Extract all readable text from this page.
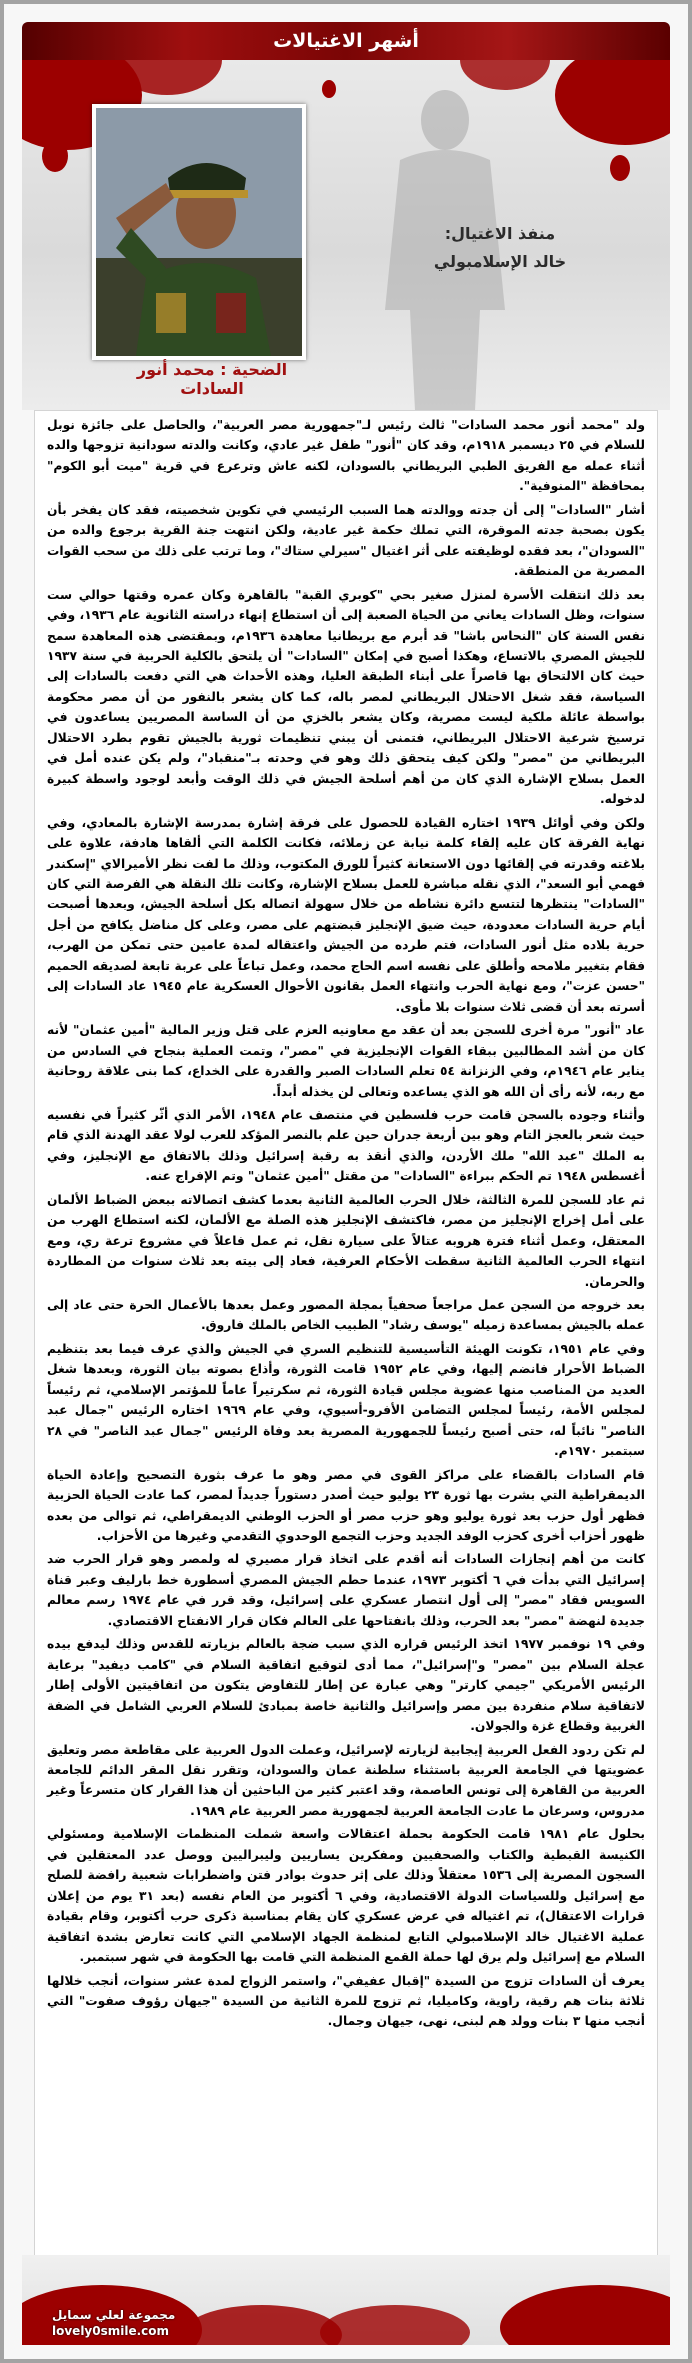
أشهر الاغتيالات
منفذ الاغتيال:
خالد الإسلامبولي
الضحية : محمد أنور السادات

ولد "محمد أنور محمد السادات" ثالث رئيس لـ"جمهورية مصر العربية"، والحاصل على جائزة نوبل للسلام في ٢٥ ديسمبر ١٩١٨م، وقد كان "أنور" طفل غير عادي، وكانت والدته سودانية تزوجها والده أثناء عمله مع الفريق الطبي البريطاني بالسودان، لكنه عاش وترعرع في قرية "ميت أبو الكوم" بمحافظة "المنوفية".

أشار "السادات" إلى أن جدته ووالدته هما السبب الرئيسي في تكوين شخصيته، فقد كان يفخر بأن يكون بصحبة جدته الموقرة، التي تملك حكمة غير عادية، ولكن انتهت جنة القرية برجوع والده من "السودان"، بعد فقده لوظيفته على أثر اغتيال "سيرلي ستاك"، وما ترتب على ذلك من سحب القوات المصرية من المنطقة.

بعد ذلك انتقلت الأسرة لمنزل صغير بحي "كوبري القبة" بالقاهرة وكان عمره وقتها حوالي ست سنوات، وظل السادات يعاني من الحياة الصعبة إلى أن استطاع إنهاء دراسته الثانوية عام ١٩٣٦، وفي نفس السنة كان "النحاس باشا" قد أبرم مع بريطانيا معاهدة ١٩٣٦م، وبمقتضى هذه المعاهدة سمح للجيش المصري بالاتساع، وهكذا أصبح في إمكان "السادات" أن يلتحق بالكلية الحربية في سنة ١٩٣٧ حيث كان الالتحاق بها قاصراً على أبناء الطبقة العليا، وهذه الأحداث هي التي دفعت بالسادات إلى السياسة، فقد شغل الاحتلال البريطاني لمصر باله، كما كان يشعر بالنفور من أن مصر محكومة بواسطة عائلة ملكية ليست مصرية، وكان يشعر بالخزي من أن الساسة المصريين يساعدون في ترسيخ شرعية الاحتلال البريطاني، فتمنى أن يبني تنظيمات ثورية بالجيش تقوم بطرد الاحتلال البريطاني من "مصر" ولكن كيف يتحقق ذلك وهو في وحدته بـ"منقباد"، ولم يكن عنده أمل في العمل بسلاح الإشارة الذي كان من أهم أسلحة الجيش في ذلك الوقت وأبعد لوجود واسطة كبيرة لدخوله.

ولكن وفي أوائل ١٩٣٩ اختاره القيادة للحصول على فرقة إشارة بمدرسة الإشارة بالمعادي، وفي نهاية الفرقة كان عليه إلقاء كلمة نيابة عن زملائه، فكانت الكلمة التي ألقاها هادفة، علاوة على بلاغته وقدرته في إلقائها دون الاستعانة كثيراً للورق المكتوب، وذلك ما لفت نظر الأميرالاي "إسكندر فهمي أبو السعد"، الذي نقله مباشرة للعمل بسلاح الإشارة، وكانت تلك النقلة هي الفرصة التي كان "السادات" ينتظرها لتتسع دائرة نشاطه من خلال سهولة اتصاله بكل أسلحة الجيش، وبعدها أصبحت أيام حرية السادات معدودة، حيث ضيق الإنجليز قبضتهم على مصر، وعلى كل مناضل يكافح من أجل حرية بلاده مثل أنور السادات، فتم طرده من الجيش واعتقاله لمدة عامين حتى تمكن من الهرب، فقام بتغيير ملامحه وأطلق على نفسه اسم الحاج محمد، وعمل تباعاً على عربة تابعة لصديقه الحميم "حسن عزت"، ومع نهاية الحرب وانتهاء العمل بقانون الأحوال العسكرية عام ١٩٤٥ عاد السادات إلى أسرته بعد أن قضى ثلاث سنوات بلا مأوى.

عاد "أنور" مرة أخرى للسجن بعد أن عقد مع معاونيه العزم على قتل وزير المالية "أمين عثمان" لأنه كان من أشد المطالبين ببقاء القوات الإنجليزية في "مصر"، وتمت العملية بنجاح في السادس من يناير عام ١٩٤٦م، وفي الزنزانة ٥٤ تعلم السادات الصبر والقدرة على الخداع، كما بنى علاقة روحانية مع ربه، لأنه رأى أن الله هو الذي يساعده وتعالى لن يخذله أبداً.

وأثناء وجوده بالسجن قامت حرب فلسطين في منتصف عام ١٩٤٨، الأمر الذي أثّر كثيراً في نفسيه حيث شعر بالعجز التام وهو بين أربعة جدران حين علم بالنصر المؤكد للعرب لولا عقد الهدنة الذي قام به الملك "عبد الله" ملك الأردن، والذي أنقذ به رقبة إسرائيل وذلك بالاتفاق مع الإنجليز، وفي أغسطس ١٩٤٨ تم الحكم ببراءة "السادات" من مقتل "أمين عثمان" وتم الإفراج عنه.

ثم عاد للسجن للمرة الثالثة، خلال الحرب العالمية الثانية بعدما كشف اتصالاته ببعض الضباط الألمان على أمل إخراج الإنجليز من مصر، فاكتشف الإنجليز هذه الصلة مع الألمان، لكنه استطاع الهرب من المعتقل، وعمل أثناء فترة هروبه عتالاً على سيارة نقل، ثم عمل فاعلاً في مشروع ترعة ري، ومع انتهاء الحرب العالمية الثانية سقطت الأحكام العرفية، فعاد إلى بيته بعد ثلاث سنوات من المطاردة والحرمان.

بعد خروجه من السجن عمل مراجعاً صحفياً بمجلة المصور وعمل بعدها بالأعمال الحرة حتى عاد إلى عمله بالجيش بمساعدة زميله "يوسف رشاد" الطبيب الخاص بالملك فاروق.

وفي عام ١٩٥١، تكونت الهيئة التأسيسية للتنظيم السري في الجيش والذي عرف فيما بعد بتنظيم الضباط الأحرار فانضم إليها، وفي عام ١٩٥٢ قامت الثورة، وأذاع بصوته بيان الثورة، وبعدها شغل العديد من المناصب منها عضوية مجلس قيادة الثورة، ثم سكرتيراً عاماً للمؤتمر الإسلامي، ثم رئيساً لمجلس الأمة، رئيساً لمجلس التضامن الأفرو-أسيوي، وفي عام ١٩٦٩ اختاره الرئيس "جمال عبد الناصر" نائباً له، حتى أصبح رئيساً للجمهورية المصرية بعد وفاة الرئيس "جمال عبد الناصر" في ٢٨ سبتمبر ١٩٧٠م.

قام السادات بالقضاء على مراكز القوى في مصر وهو ما عرف بثورة التصحيح وإعادة الحياة الديمقراطية التي بشرت بها ثورة ٢٣ يوليو حيث أصدر دستوراً جديداً لمصر، كما عادت الحياة الحزبية فظهر أول حزب بعد ثورة يوليو وهو حزب مصر أو الحزب الوطني الديمقراطي، ثم توالى من بعده ظهور أحزاب أخرى كحزب الوفد الجديد وحزب التجمع الوحدوي التقدمي وغيرها من الأحزاب.

كانت من أهم إنجازات السادات أنه أقدم على اتخاذ قرار مصيري له ولمصر وهو قرار الحرب ضد إسرائيل التي بدأت في ٦ أكتوبر ١٩٧٣، عندما حطم الجيش المصري أسطورة خط بارليف وعبر قناة السويس فقاد "مصر" إلى أول انتصار عسكري على إسرائيل، وقد قرر في عام ١٩٧٤ رسم معالم جديدة لنهضة "مصر" بعد الحرب، وذلك بانفتاحها على العالم فكان قرار الانفتاح الاقتصادي.

وفي ١٩ نوفمبر ١٩٧٧ اتخذ الرئيس قراره الذي سبب ضجة بالعالم بزيارته للقدس وذلك ليدفع بيده عجلة السلام بين "مصر" و"إسرائيل"، مما أدى لتوقيع اتفاقية السلام في "كامب ديفيد" برعاية الرئيس الأمريكي "جيمي كارتر" وهي عبارة عن إطار للتفاوض يتكون من اتفاقيتين الأولى إطار لاتفاقية سلام منفردة بين مصر وإسرائيل والثانية خاصة بمبادئ للسلام العربي الشامل في الضفة الغربية وقطاع غزة والجولان.

لم تكن ردود الفعل العربية إيجابية لزيارته لإسرائيل، وعملت الدول العربية على مقاطعة مصر وتعليق عضويتها في الجامعة العربية باستثناء سلطنة عمان والسودان، وتقرر نقل المقر الدائم للجامعة العربية من القاهرة إلى تونس العاصمة، وقد اعتبر كثير من الباحثين أن هذا القرار كان متسرعاً وغير مدروس، وسرعان ما عادت الجامعة العربية لجمهورية مصر العربية عام ١٩٨٩.

بحلول عام ١٩٨١ قامت الحكومة بحملة اعتقالات واسعة شملت المنظمات الإسلامية ومسئولي الكنيسة القبطية والكتاب والصحفيين ومفكرين يساريين وليبراليين ووصل عدد المعتقلين في السجون المصرية إلى ١٥٣٦ معتقلاً وذلك على إثر حدوث بوادر فتن واضطرابات شعبية رافضة للصلح مع إسرائيل وللسياسات الدولة الاقتصادية، وفي ٦ أكتوبر من العام نفسه (بعد ٣١ يوم من إعلان قرارات الاعتقال)، تم اغتياله في عرض عسكري كان يقام بمناسبة ذكرى حرب أكتوبر، وقام بقيادة عملية الاغتيال خالد الإسلامبولي التابع لمنظمة الجهاد الإسلامي التي كانت تعارض بشدة اتفاقية السلام مع إسرائيل ولم يرق لها حملة القمع المنظمة التي قامت بها الحكومة في شهر سبتمبر.

يعرف أن السادات تزوج من السيدة "إقبال عفيفي"، واستمر الزواج لمدة عشر سنوات، أنجب خلالها ثلاثة بنات هم رقية، راوية، وكاميليا، ثم تزوج للمرة الثانية من السيدة "جيهان رؤوف صفوت" التي أنجب منها ٣ بنات وولد هم لبنى، نهى، جيهان وجمال.

مجموعة لعلي سمايل
lovely0smile.com
